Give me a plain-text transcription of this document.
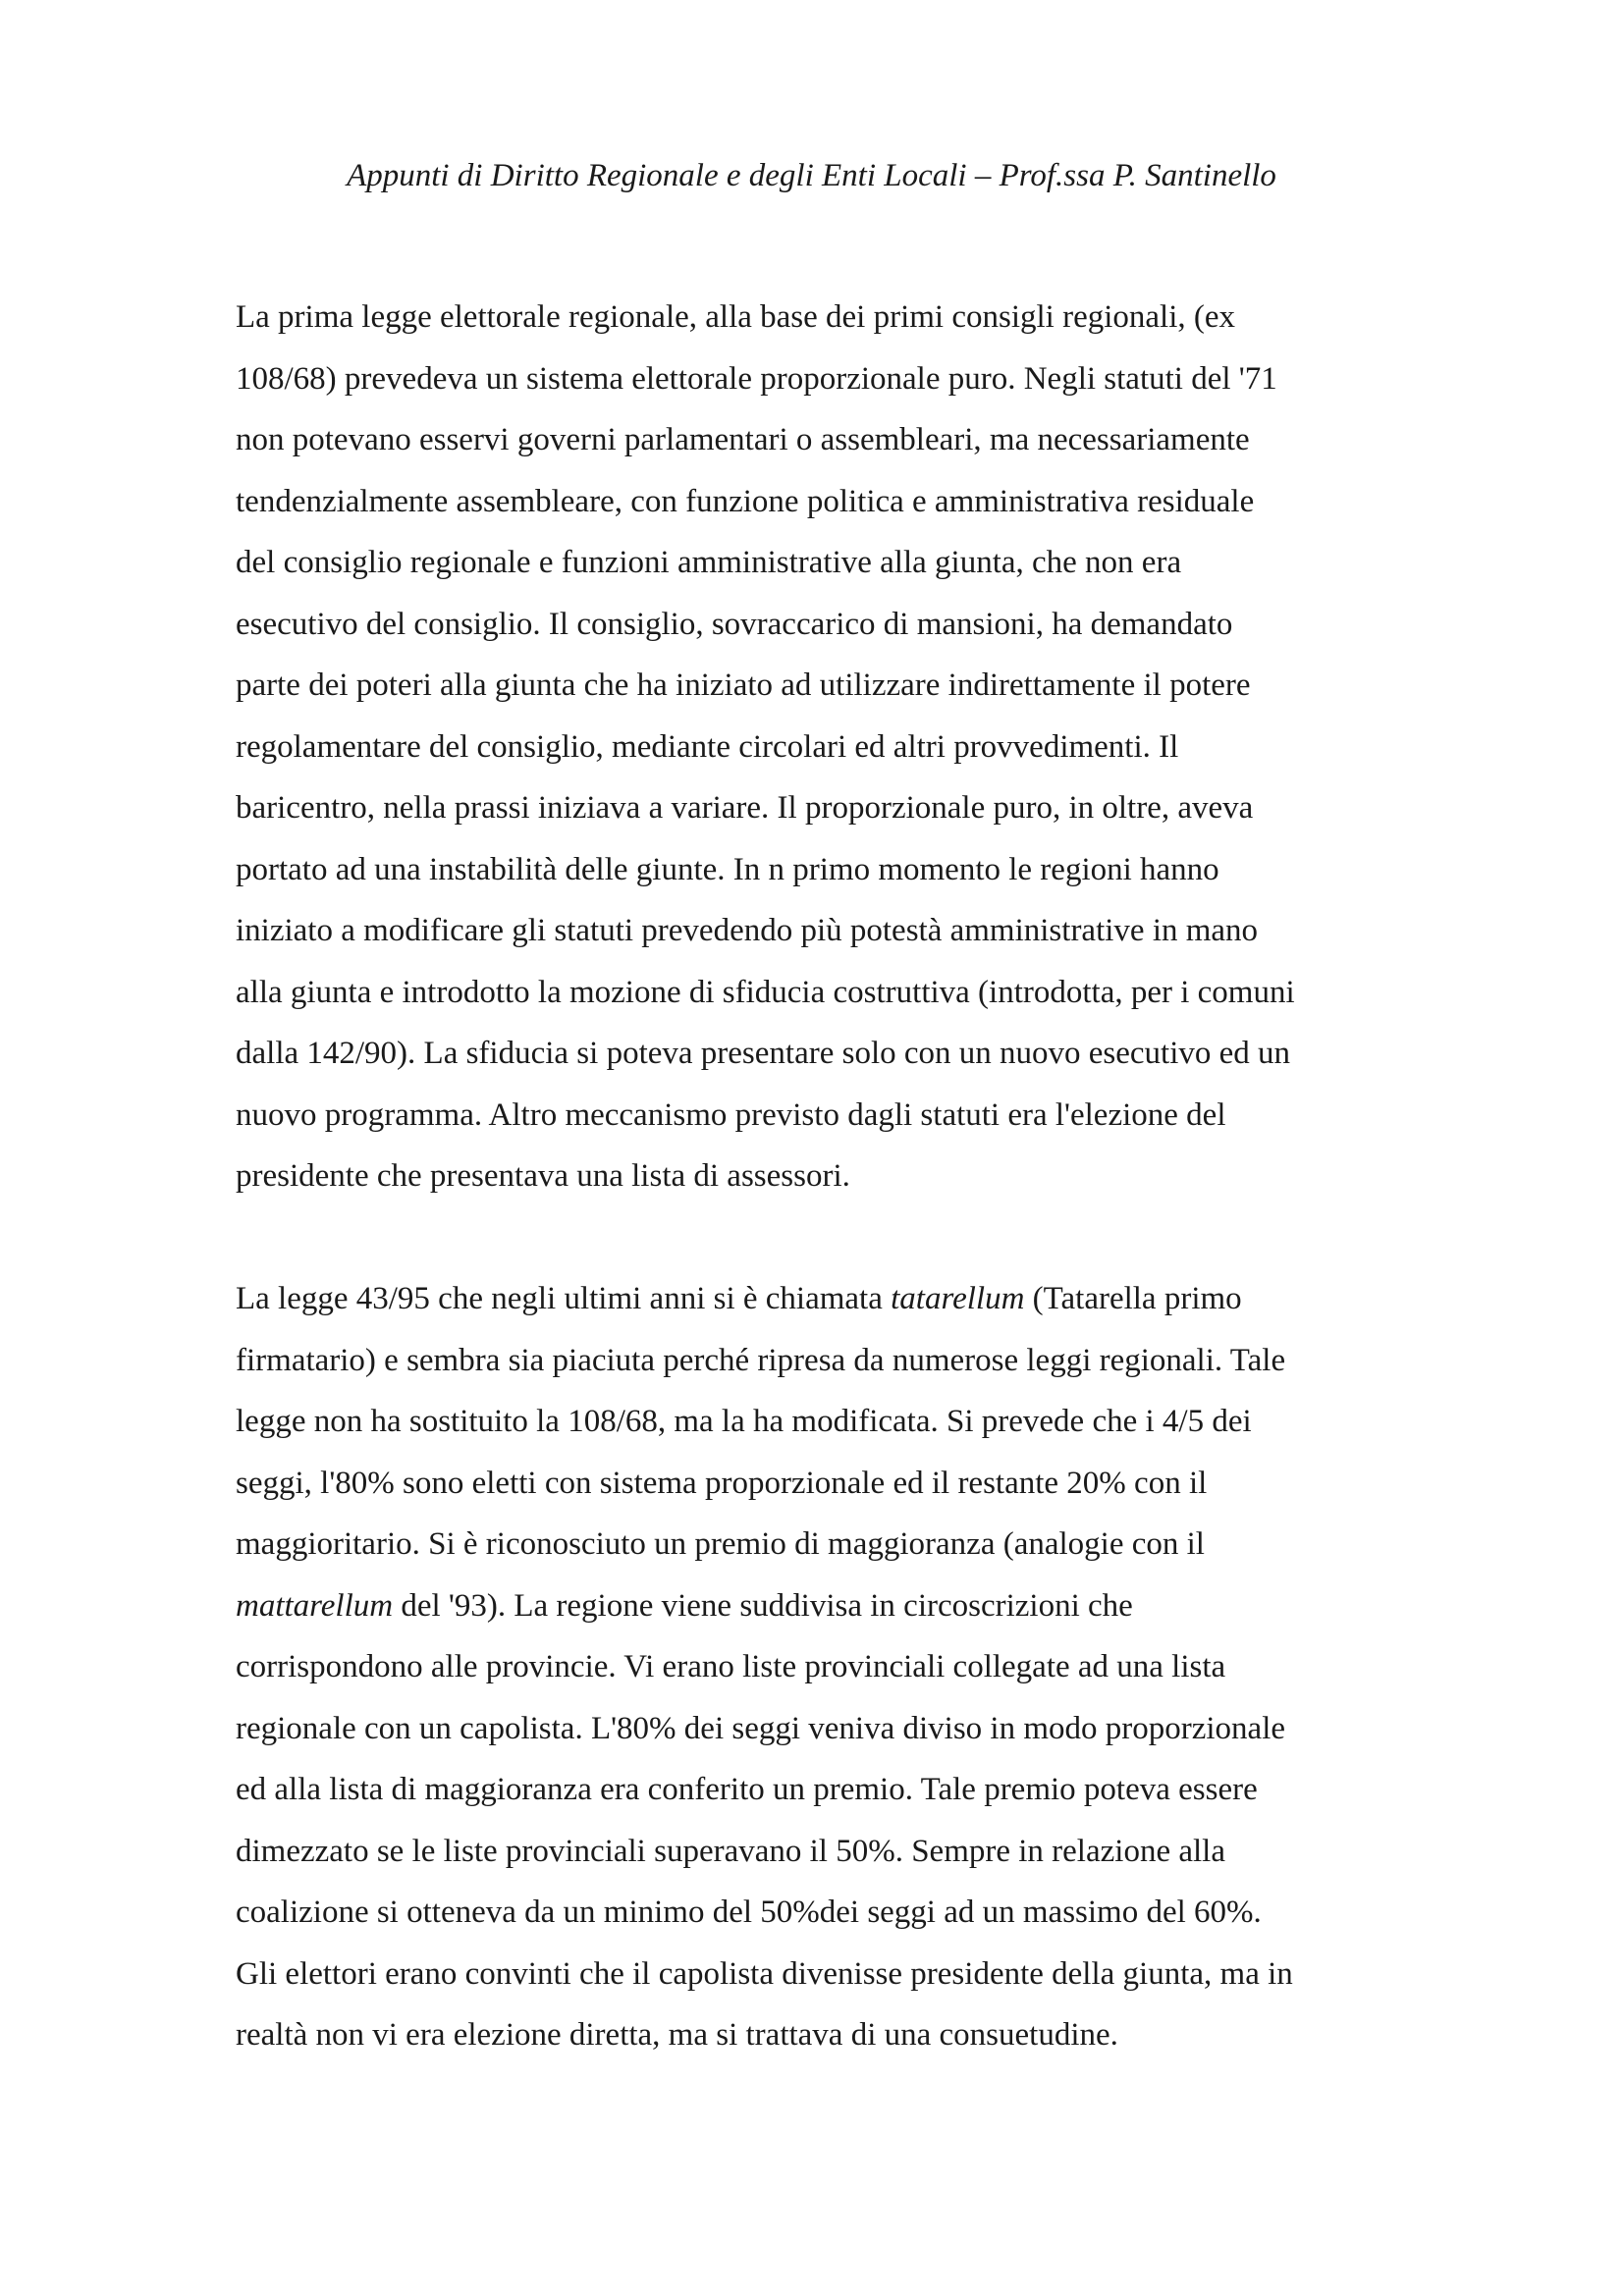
Appunti di Diritto Regionale e degli Enti Locali – Prof.ssa P. Santinello
La prima legge elettorale regionale, alla base dei primi consigli regionali, (ex
108/68) prevedeva un sistema elettorale proporzionale puro. Negli statuti del '71
non potevano esservi governi parlamentari o assembleari, ma necessariamente
tendenzialmente assembleare, con funzione politica e amministrativa residuale
del consiglio regionale e funzioni amministrative alla giunta, che non era
esecutivo del consiglio. Il consiglio, sovraccarico di mansioni, ha demandato
parte dei poteri alla giunta che ha iniziato ad utilizzare indirettamente il potere
regolamentare del consiglio, mediante circolari ed altri provvedimenti. Il
baricentro, nella prassi iniziava a variare. Il proporzionale puro, in oltre, aveva
portato ad una instabilità delle giunte. In n primo momento le regioni hanno
iniziato a modificare gli statuti prevedendo più potestà amministrative in mano
alla giunta e introdotto la mozione di sfiducia costruttiva (introdotta, per i comuni
dalla 142/90). La sfiducia si poteva presentare solo con un nuovo esecutivo ed un
nuovo programma. Altro meccanismo previsto dagli statuti era l'elezione del
presidente che presentava una lista di assessori.
La legge 43/95 che negli ultimi anni si è chiamata tatarellum (Tatarella primo
firmatario) e sembra sia piaciuta perché ripresa da numerose leggi regionali. Tale
legge non ha sostituito la 108/68, ma la ha modificata. Si prevede che i 4/5 dei
seggi, l'80% sono eletti con sistema proporzionale ed il restante 20% con il
maggioritario. Si è riconosciuto un premio di maggioranza (analogie con il
mattarellum del '93). La regione viene suddivisa in circoscrizioni che
corrispondono alle provincie. Vi erano liste provinciali collegate ad una lista
regionale con un capolista. L'80% dei seggi veniva diviso in modo proporzionale
ed alla lista di maggioranza era conferito un premio. Tale premio poteva essere
dimezzato se le liste provinciali superavano il 50%. Sempre in relazione alla
coalizione si otteneva da un minimo del 50%dei seggi ad un massimo del 60%.
Gli elettori erano convinti che il capolista divenisse presidente della giunta, ma in
realtà non vi era elezione diretta, ma si trattava di una consuetudine.
